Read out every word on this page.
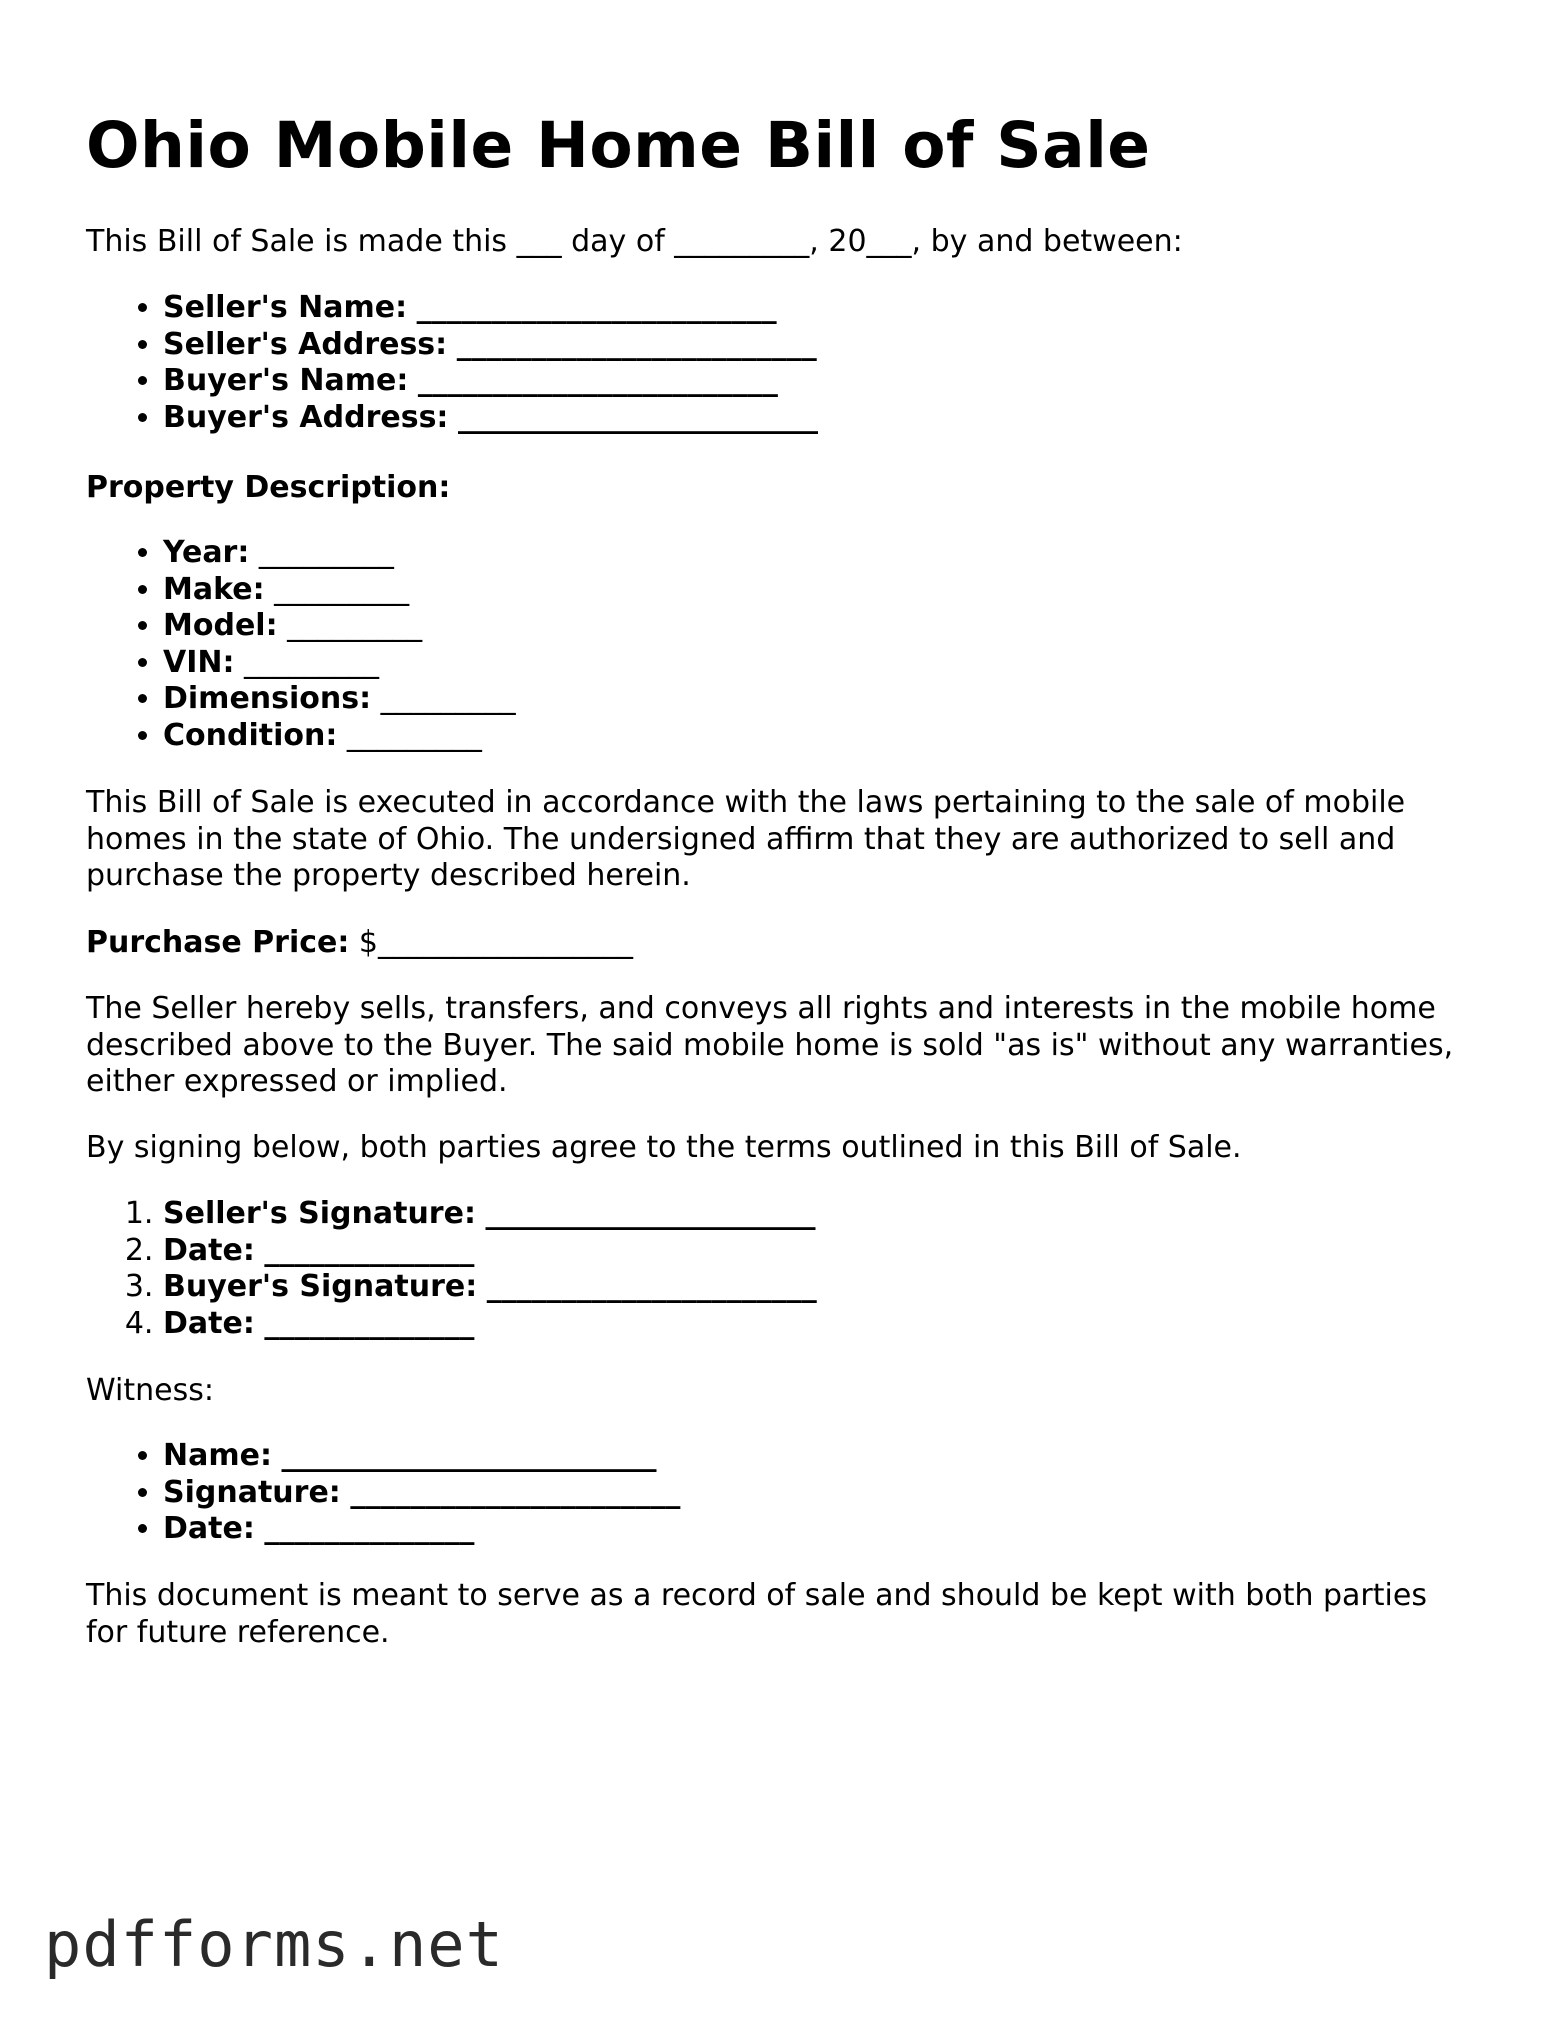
Ohio Mobile Home Bill of Sale

This Bill of Sale is made this ___ day of _________, 20___, by and between:

• Seller's Name: ________________________
• Seller's Address: ________________________
• Buyer's Name: ________________________
• Buyer's Address: ________________________

Property Description:

• Year: _________
• Make: _________
• Model: _________
• VIN: _________
• Dimensions: _________
• Condition: _________
This Bill of Sale is executed in accordance with the laws pertaining to the sale of mobile
homes in the state of Ohio. The undersigned affirm that they are authorized to sell and
purchase the property described herein.

Purchase Price: $_________________

The Seller hereby sells, transfers, and conveys all rights and interests in the mobile home
described above to the Buyer. The said mobile home is sold "as is" without any warranties,
either expressed or implied.

By signing below, both parties agree to the terms outlined in this Bill of Sale.

1. Seller's Signature: ______________________
2. Date: ______________
3. Buyer's Signature: ______________________
4. Date: ______________

Witness:

• Name: _________________________
• Signature: ______________________
• Date: ______________
This document is meant to serve as a record of sale and should be kept with both parties
for future reference.
pdfforms.net
